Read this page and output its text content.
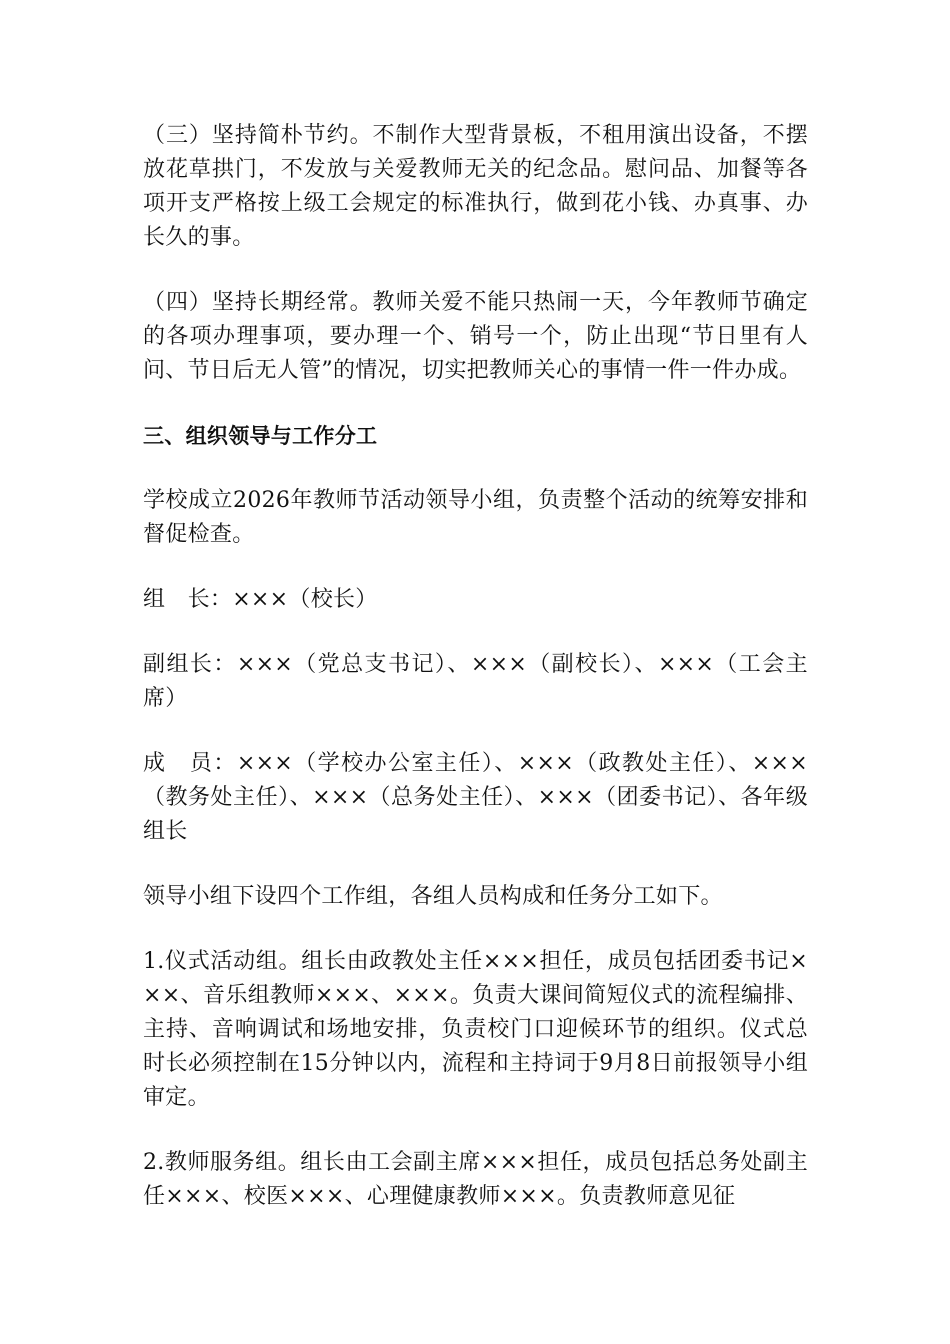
（三）坚持简朴节约。不制作大型背景板，不租用演出设备，不摆放花草拱门，不发放与关爱教师无关的纪念品。慰问品、加餐等各项开支严格按上级工会规定的标准执行，做到花小钱、办真事、办长久的事。

（四）坚持长期经常。教师关爱不能只热闹一天，今年教师节确定的各项办理事项，要办理一个、销号一个，防止出现“节日里有人问、节日后无人管”的情况，切实把教师关心的事情一件一件办成。

三、组织领导与工作分工

学校成立2026年教师节活动领导小组，负责整个活动的统筹安排和督促检查。

组　长：×××（校长）

副组长：×××（党总支书记）、×××（副校长）、×××（工会主席）

成　员：×××（学校办公室主任）、×××（政教处主任）、×××（教务处主任）、×××（总务处主任）、×××（团委书记）、各年级组长

领导小组下设四个工作组，各组人员构成和任务分工如下。

1.仪式活动组。组长由政教处主任×××担任，成员包括团委书记×××、音乐组教师×××、×××。负责大课间简短仪式的流程编排、主持、音响调试和场地安排，负责校门口迎候环节的组织。仪式总时长必须控制在15分钟以内，流程和主持词于9月8日前报领导小组审定。

2.教师服务组。组长由工会副主席×××担任，成员包括总务处副主任×××、校医×××、心理健康教师×××。负责教师意见征
